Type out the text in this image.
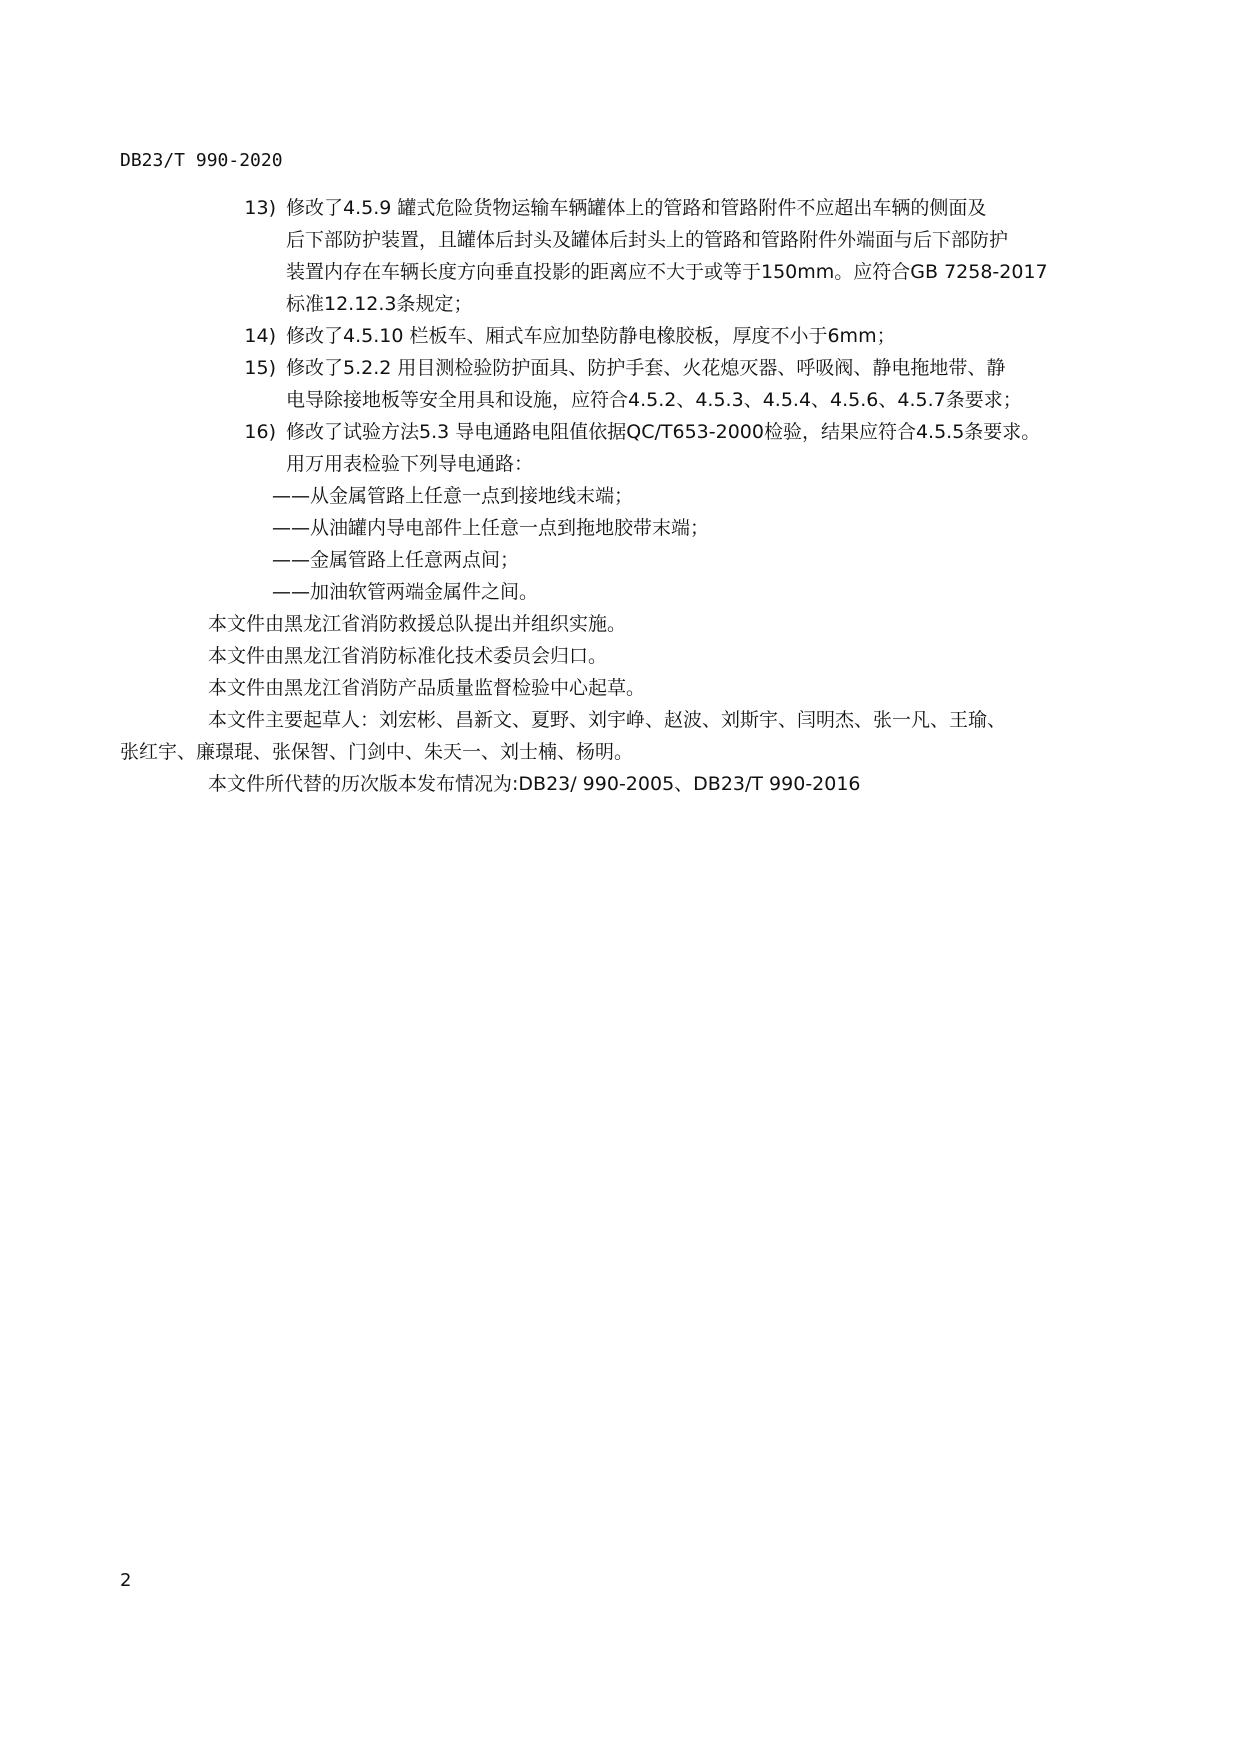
DB23/T 990-2020
13) 修改了4.5.9 罐式危险货物运输车辆罐体上的管路和管路附件不应超出车辆的侧面及
后下部防护装置，且罐体后封头及罐体后封头上的管路和管路附件外端面与后下部防护
装置内存在车辆长度方向垂直投影的距离应不大于或等于150mm。应符合GB 7258-2017
标准12.12.3条规定；
14) 修改了4.5.10 栏板车、厢式车应加垫防静电橡胶板，厚度不小于6mm；
15) 修改了5.2.2 用目测检验防护面具、防护手套、火花熄灭器、呼吸阀、静电拖地带、静
电导除接地板等安全用具和设施，应符合4.5.2、4.5.3、4.5.4、4.5.6、4.5.7条要求；
16) 修改了试验方法5.3 导电通路电阻值依据QC/T653-2000检验，结果应符合4.5.5条要求。
用万用表检验下列导电通路：
——从金属管路上任意一点到接地线末端；
——从油罐内导电部件上任意一点到拖地胶带末端；
——金属管路上任意两点间；
——加油软管两端金属件之间。
本文件由黑龙江省消防救援总队提出并组织实施。
本文件由黑龙江省消防标准化技术委员会归口。
本文件由黑龙江省消防产品质量监督检验中心起草。
本文件主要起草人：刘宏彬、昌新文、夏野、刘宇峥、赵波、刘斯宇、闫明杰、张一凡、王瑜、
张红宇、廉璟琨、张保智、门剑中、朱天一、刘士楠、杨明。
本文件所代替的历次版本发布情况为:DB23/ 990-2005、DB23/T 990-2016
2
